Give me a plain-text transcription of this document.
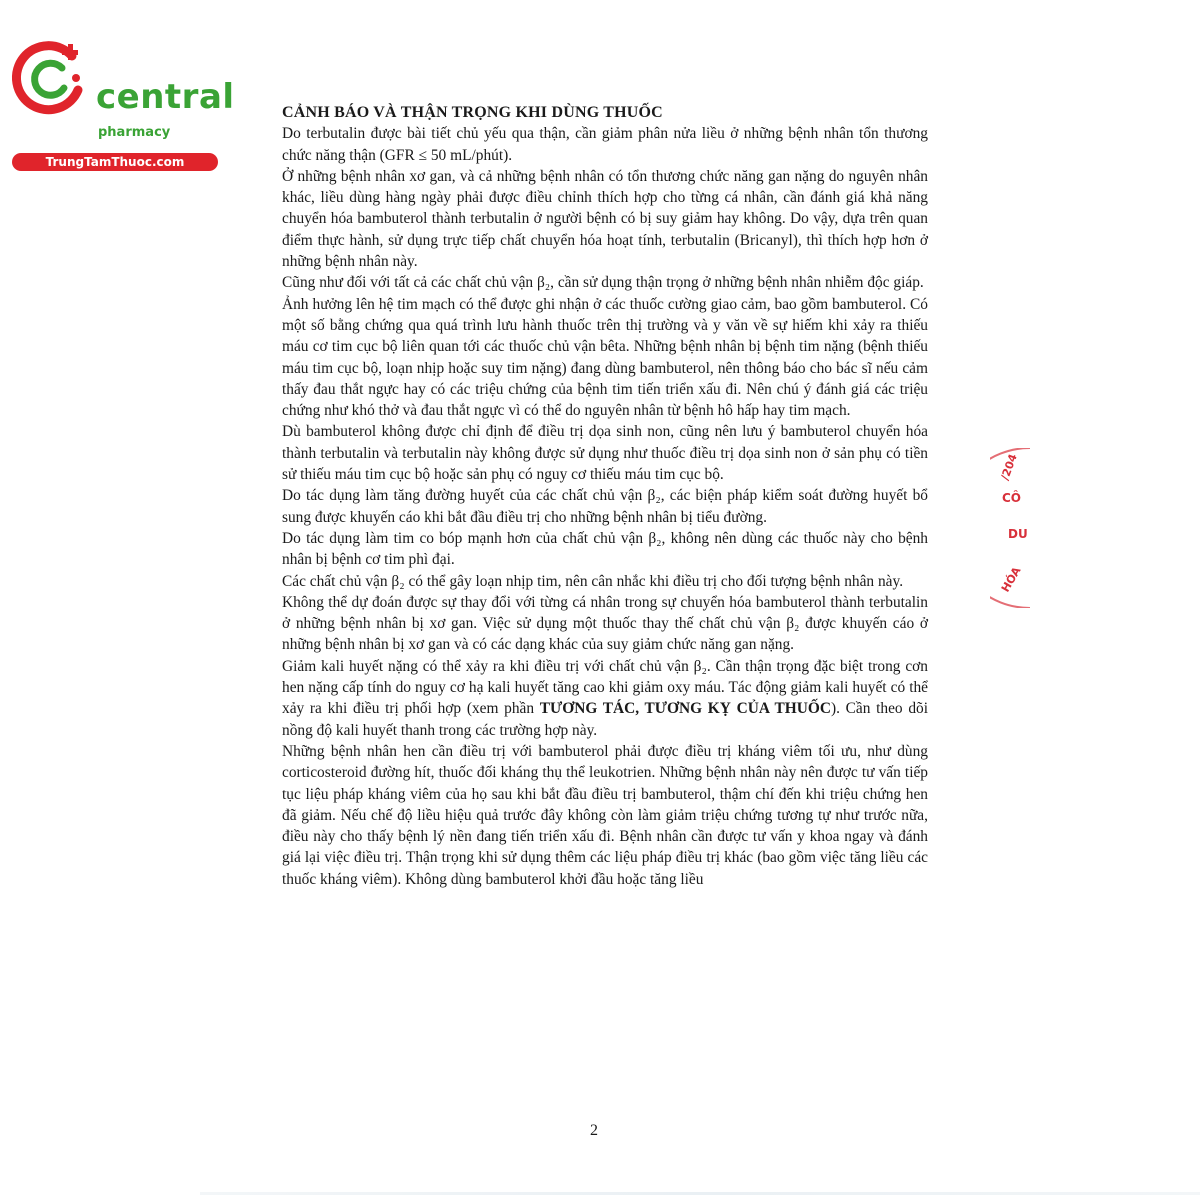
central
pharmacy
TrungTamThuoc.com
CẢNH BÁO VÀ THẬN TRỌNG KHI DÙNG THUỐC

Do terbutalin được bài tiết chủ yếu qua thận, cần giảm phân nửa liều ở những bệnh nhân tổn thương chức năng thận (GFR ≤ 50 mL/phút).

Ở những bệnh nhân xơ gan, và cả những bệnh nhân có tổn thương chức năng gan nặng do nguyên nhân khác, liều dùng hàng ngày phải được điều chỉnh thích hợp cho từng cá nhân, cần đánh giá khả năng chuyển hóa bambuterol thành terbutalin ở người bệnh có bị suy giảm hay không. Do vậy, dựa trên quan điểm thực hành, sử dụng trực tiếp chất chuyển hóa hoạt tính, terbutalin (Bricanyl), thì thích hợp hơn ở những bệnh nhân này.

Cũng như đối với tất cả các chất chủ vận β₂, cần sử dụng thận trọng ở những bệnh nhân nhiễm độc giáp.

Ảnh hưởng lên hệ tim mạch có thể được ghi nhận ở các thuốc cường giao cảm, bao gồm bambuterol. Có một số bằng chứng qua quá trình lưu hành thuốc trên thị trường và y văn về sự hiếm khi xảy ra thiếu máu cơ tim cục bộ liên quan tới các thuốc chủ vận bêta. Những bệnh nhân bị bệnh tim nặng (bệnh thiếu máu tim cục bộ, loạn nhịp hoặc suy tim nặng) đang dùng bambuterol, nên thông báo cho bác sĩ nếu cảm thấy đau thắt ngực hay có các triệu chứng của bệnh tim tiến triển xấu đi. Nên chú ý đánh giá các triệu chứng như khó thở và đau thắt ngực vì có thể do nguyên nhân từ bệnh hô hấp hay tim mạch.

Dù bambuterol không được chỉ định để điều trị dọa sinh non, cũng nên lưu ý bambuterol chuyển hóa thành terbutalin và terbutalin này không được sử dụng như thuốc điều trị dọa sinh non ở sản phụ có tiền sử thiếu máu tim cục bộ hoặc sản phụ có nguy cơ thiếu máu tim cục bộ.

Do tác dụng làm tăng đường huyết của các chất chủ vận β₂, các biện pháp kiểm soát đường huyết bổ sung được khuyến cáo khi bắt đầu điều trị cho những bệnh nhân bị tiểu đường.

Do tác dụng làm tim co bóp mạnh hơn của chất chủ vận β₂, không nên dùng các thuốc này cho bệnh nhân bị bệnh cơ tim phì đại.

Các chất chủ vận β₂ có thể gây loạn nhịp tim, nên cân nhắc khi điều trị cho đối tượng bệnh nhân này.

Không thể dự đoán được sự thay đổi với từng cá nhân trong sự chuyển hóa bambuterol thành terbutalin ở những bệnh nhân bị xơ gan. Việc sử dụng một thuốc thay thế chất chủ vận β₂ được khuyến cáo ở những bệnh nhân bị xơ gan và có các dạng khác của suy giảm chức năng gan nặng.

Giảm kali huyết nặng có thể xảy ra khi điều trị với chất chủ vận β₂. Cần thận trọng đặc biệt trong cơn hen nặng cấp tính do nguy cơ hạ kali huyết tăng cao khi giảm oxy máu. Tác động giảm kali huyết có thể xảy ra khi điều trị phối hợp (xem phần TƯƠNG TÁC, TƯƠNG KỴ CỦA THUỐC). Cần theo dõi nồng độ kali huyết thanh trong các trường hợp này.

Những bệnh nhân hen cần điều trị với bambuterol phải được điều trị kháng viêm tối ưu, như dùng corticosteroid đường hít, thuốc đối kháng thụ thể leukotrien. Những bệnh nhân này nên được tư vấn tiếp tục liệu pháp kháng viêm của họ sau khi bắt đầu điều trị bambuterol, thậm chí đến khi triệu chứng hen đã giảm. Nếu chế độ liều hiệu quả trước đây không còn làm giảm triệu chứng tương tự như trước nữa, điều này cho thấy bệnh lý nền đang tiến triển xấu đi. Bệnh nhân cần được tư vấn y khoa ngay và đánh giá lại việc điều trị. Thận trọng khi sử dụng thêm các liệu pháp điều trị khác (bao gồm việc tăng liều các thuốc kháng viêm). Không dùng bambuterol khởi đầu hoặc tăng liều

2
/204
CÔ
DU
HÓA
